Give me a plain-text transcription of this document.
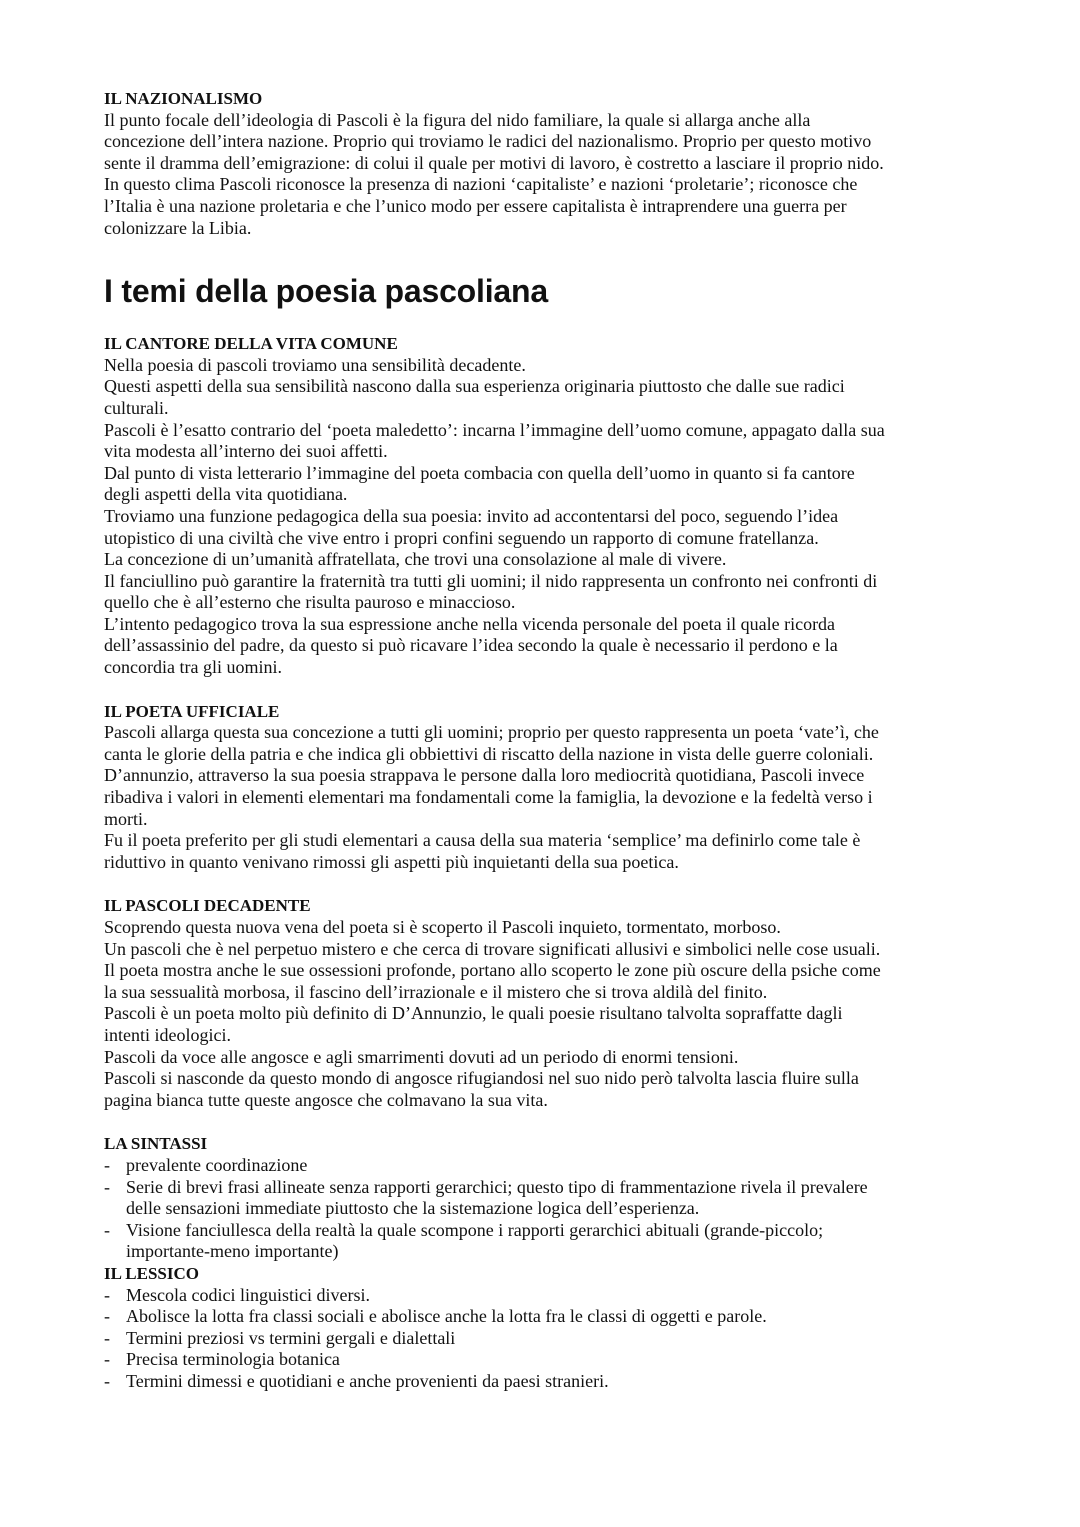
IL NAZIONALISMO
Il punto focale dell’ideologia di Pascoli è la figura del nido familiare, la quale si allarga anche alla
concezione dell’intera nazione. Proprio qui troviamo le radici del nazionalismo. Proprio per questo motivo
sente il dramma dell’emigrazione: di colui il quale per motivi di lavoro, è costretto a lasciare il proprio nido.
In questo clima Pascoli riconosce la presenza di nazioni ‘capitaliste’ e nazioni ‘proletarie’; riconosce che
l’Italia è una nazione proletaria e che l’unico modo per essere capitalista è intraprendere una guerra per
colonizzare la Libia.
I temi della poesia pascoliana
IL CANTORE DELLA VITA COMUNE
Nella poesia di pascoli troviamo una sensibilità decadente.
Questi aspetti della sua sensibilità nascono dalla sua esperienza originaria piuttosto che dalle sue radici
culturali.
Pascoli è l’esatto contrario del ‘poeta maledetto’: incarna l’immagine dell’uomo comune, appagato dalla sua
vita modesta all’interno dei suoi affetti.
Dal punto di vista letterario l’immagine del poeta combacia con quella dell’uomo in quanto si fa cantore
degli aspetti della vita quotidiana.
Troviamo una funzione pedagogica della sua poesia: invito ad accontentarsi del poco, seguendo l’idea
utopistico di una civiltà che vive entro i propri confini seguendo un rapporto di comune fratellanza.
La concezione di un’umanità affratellata, che trovi una consolazione al male di vivere.
Il fanciullino può garantire la fraternità tra tutti gli uomini; il nido rappresenta un confronto nei confronti di
quello che è all’esterno che risulta pauroso e minaccioso.
L’intento pedagogico trova la sua espressione anche nella vicenda personale del poeta il quale ricorda
dell’assassinio del padre, da questo si può ricavare l’idea secondo la quale è necessario il perdono e la
concordia tra gli uomini.
IL POETA UFFICIALE
Pascoli allarga questa sua concezione a tutti gli uomini; proprio per questo rappresenta un poeta ‘vate’ì, che
canta le glorie della patria e che indica gli obbiettivi di riscatto della nazione in vista delle guerre coloniali.
D’annunzio, attraverso la sua poesia strappava le persone dalla loro mediocrità quotidiana, Pascoli invece
ribadiva i valori in elementi elementari ma fondamentali come la famiglia, la devozione e la fedeltà verso i
morti.
Fu il poeta preferito per gli studi elementari a causa della sua materia ‘semplice’ ma definirlo come tale è
riduttivo in quanto venivano rimossi gli aspetti più inquietanti della sua poetica.
IL PASCOLI DECADENTE
Scoprendo questa nuova vena del poeta si è scoperto il Pascoli inquieto, tormentato, morboso.
Un pascoli che è nel perpetuo mistero e che cerca di trovare significati allusivi e simbolici nelle cose usuali.
Il poeta mostra anche le sue ossessioni profonde, portano allo scoperto le zone più oscure della psiche come
la sua sessualità morbosa, il fascino dell’irrazionale e il mistero che si trova aldilà del finito.
Pascoli è un poeta molto più definito di D’Annunzio, le quali poesie risultano talvolta sopraffatte dagli
intenti ideologici.
Pascoli da voce alle angosce e agli smarrimenti dovuti ad un periodo di enormi tensioni.
Pascoli si nasconde da questo mondo di angosce rifugiandosi nel suo nido però talvolta lascia fluire sulla
pagina bianca tutte queste angosce che colmavano la sua vita.
LA SINTASSI
- prevalente coordinazione
- Serie di brevi frasi allineate senza rapporti gerarchici; questo tipo di frammentazione rivela il prevalere
delle sensazioni immediate piuttosto che la sistemazione logica dell’esperienza.
- Visione fanciullesca della realtà la quale scompone i rapporti gerarchici abituali (grande-piccolo;
importante-meno importante)
IL LESSICO
- Mescola codici linguistici diversi.
- Abolisce la lotta fra classi sociali e abolisce anche la lotta fra le classi di oggetti e parole.
- Termini preziosi vs termini gergali e dialettali
- Precisa terminologia botanica
- Termini dimessi e quotidiani e anche provenienti da paesi stranieri.
